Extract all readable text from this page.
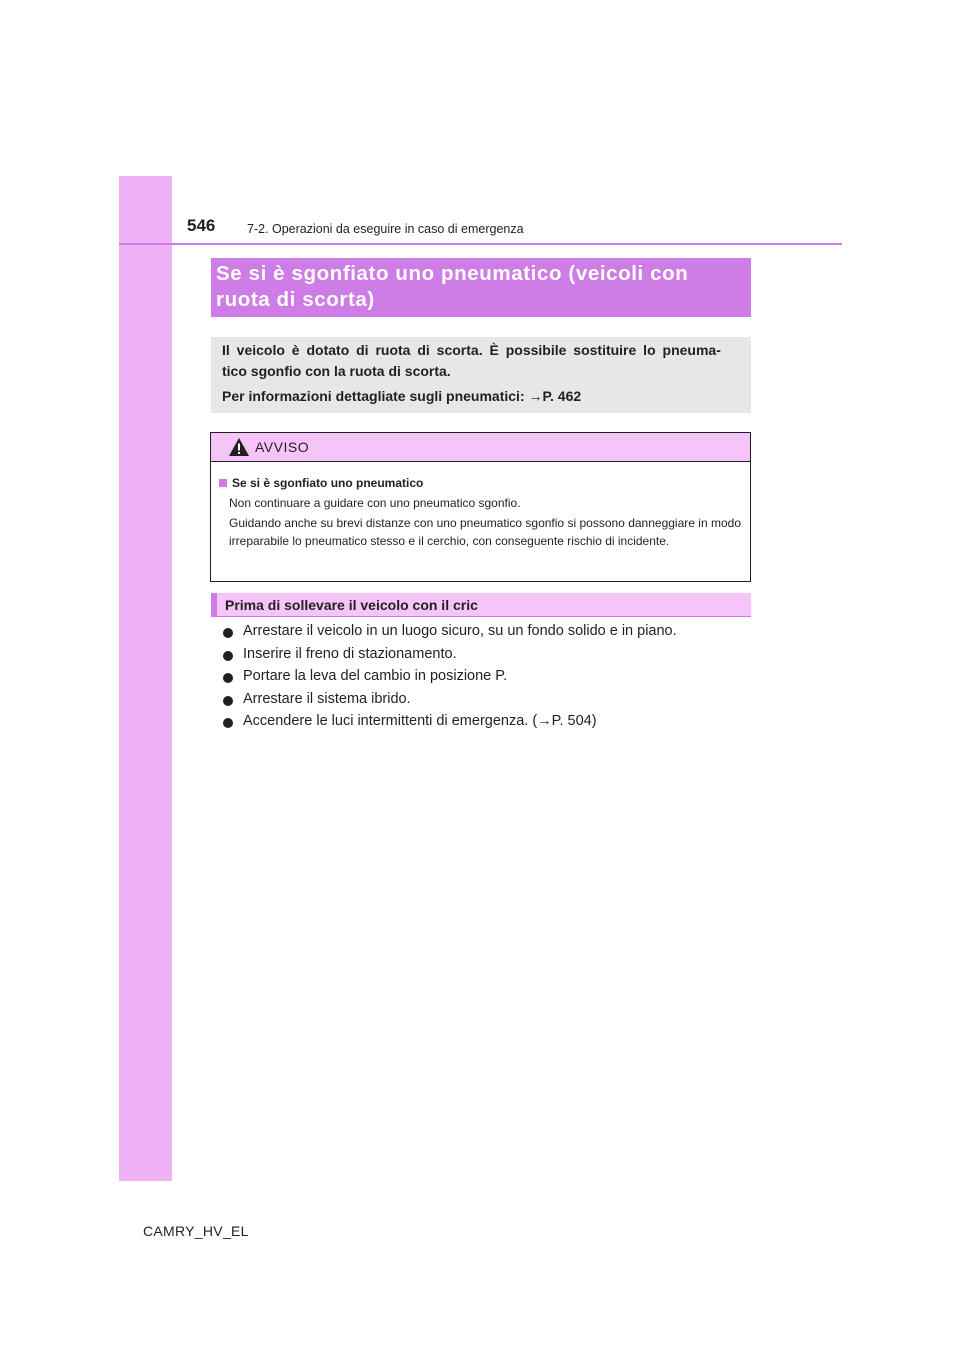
546	7-2. Operazioni da eseguire in caso di emergenza
Se si è sgonfiato uno pneumatico (veicoli con ruota di scorta)
Il veicolo è dotato di ruota di scorta. È possibile sostituire lo pneuma-
tico sgonfio con la ruota di scorta.
Per informazioni dettagliate sugli pneumatici: →P. 462
AVVISO
Se si è sgonfiato uno pneumatico
Non continuare a guidare con uno pneumatico sgonfio.
Guidando anche su brevi distanze con uno pneumatico sgonfio si possono danneggiare in modo irreparabile lo pneumatico stesso e il cerchio, con conseguente rischio di incidente.
Prima di sollevare il veicolo con il cric
Arrestare il veicolo in un luogo sicuro, su un fondo solido e in piano.
Inserire il freno di stazionamento.
Portare la leva del cambio in posizione P.
Arrestare il sistema ibrido.
Accendere le luci intermittenti di emergenza. (→P. 504)
CAMRY_HV_EL
